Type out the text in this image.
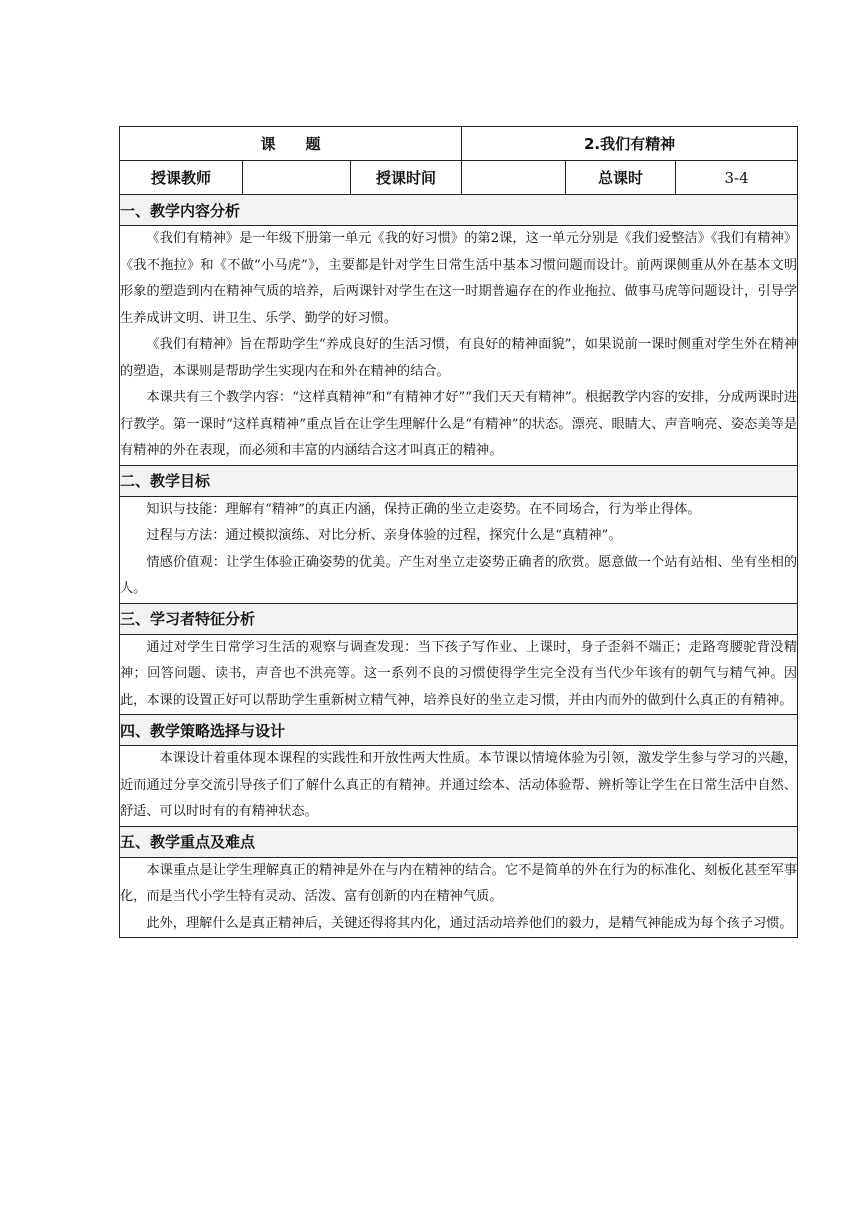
课　　题			2.我们有精神		
授课教师		授课时间		总课时	3-4
一、教学内容分析					

《我们有精神》是一年级下册第一单元《我的好习惯》的第2课，这一单元分别是《我们爱整洁》《我们有精神》《我不拖拉》和《不做“小马虎”》，主要都是针对学生日常生活中基本习惯问题而设计。前两课侧重从外在基本文明形象的塑造到内在精神气质的培养，后两课针对学生在这一时期普遍存在的作业拖拉、做事马虎等问题设计，引导学生养成讲文明、讲卫生、乐学、勤学的好习惯。

《我们有精神》旨在帮助学生“养成良好的生活习惯，有良好的精神面貌”，如果说前一课时侧重对学生外在精神的塑造，本课则是帮助学生实现内在和外在精神的结合。

本课共有三个教学内容：“这样真精神”和“有精神才好”“我们天天有精神”。根据教学内容的安排，分成两课时进行教学。第一课时“这样真精神”重点旨在让学生理解什么是“有精神”的状态。漂亮、眼睛大、声音响亮、姿态美等是有精神的外在表现，而必须和丰富的内涵结合这才叫真正的精神。					

二、教学目标					

知识与技能：理解有“精神”的真正内涵，保持正确的坐立走姿势。在不同场合，行为举止得体。

过程与方法：通过模拟演练、对比分析、亲身体验的过程，探究什么是“真精神”。

情感价值观：让学生体验正确姿势的优美。产生对坐立走姿势正确者的欣赏。愿意做一个站有站相、坐有坐相的人。					

三、学习者特征分析					

通过对学生日常学习生活的观察与调查发现：当下孩子写作业、上课时，身子歪斜不端正；走路弯腰驼背没精神；回答问题、读书，声音也不洪亮等。这一系列不良的习惯使得学生完全没有当代少年该有的朝气与精气神。因此，本课的设置正好可以帮助学生重新树立精气神，培养良好的坐立走习惯，并由内而外的做到什么真正的有精神。					

四、教学策略选择与设计					

本课设计着重体现本课程的实践性和开放性两大性质。本节课以情境体验为引领，激发学生参与学习的兴趣，近而通过分享交流引导孩子们了解什么真正的有精神。并通过绘本、活动体验帮、辨析等让学生在日常生活中自然、舒适、可以时时有的有精神状态。					

五、教学重点及难点					

本课重点是让学生理解真正的精神是外在与内在精神的结合。它不是简单的外在行为的标准化、刻板化甚至军事化，而是当代小学生特有灵动、活泼、富有创新的内在精神气质。

此外，理解什么是真正精神后，关键还得将其内化，通过活动培养他们的毅力，是精气神能成为每个孩子习惯。					
